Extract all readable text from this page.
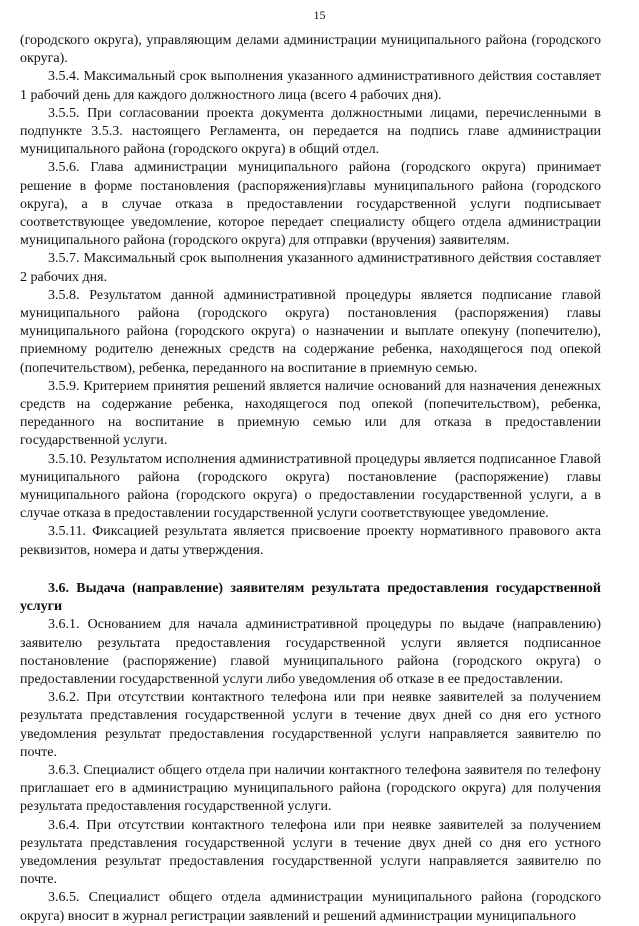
15

(городского округа), управляющим делами администрации муниципального района (городского округа).

3.5.4. Максимальный срок выполнения указанного административного действия составляет 1 рабочий день для каждого должностного лица (всего 4 рабочих дня).

3.5.5. При согласовании проекта документа должностными лицами, перечисленными в подпункте 3.5.3. настоящего Регламента, он передается на подпись главе администрации муниципального района (городского округа) в общий отдел.

3.5.6. Глава администрации муниципального района (городского округа) принимает решение в форме постановления (распоряжения)главы муниципального района (городского округа), а в случае отказа в предоставлении государственной услуги подписывает соответствующее уведомление, которое передает специалисту общего отдела администрации муниципального района (городского округа) для отправки (вручения) заявителям.

3.5.7. Максимальный срок выполнения указанного административного действия составляет 2 рабочих дня.

3.5.8. Результатом данной административной процедуры является подписание главой муниципального района (городского округа) постановления (распоряжения) главы муниципального района (городского округа) о назначении и выплате опекуну (попечителю), приемному родителю денежных средств на содержание ребенка, находящегося под опекой (попечительством), ребенка, переданного на воспитание в приемную семью.

3.5.9. Критерием принятия решений является наличие оснований для назначения денежных средств на содержание ребенка, находящегося под опекой (попечительством), ребенка, переданного на воспитание в приемную семью или для отказа в предоставлении государственной услуги.

3.5.10. Результатом исполнения административной процедуры является подписанное Главой муниципального района (городского округа) постановление (распоряжение) главы муниципального района (городского округа) о предоставлении государственной услуги, а в случае отказа в предоставлении государственной услуги соответствующее уведомление.

3.5.11. Фиксацией результата является присвоение проекту нормативного правового акта реквизитов, номера и даты утверждения.

3.6. Выдача (направление) заявителям результата предоставления государственной услуги

3.6.1. Основанием для начала административной процедуры по выдаче (направлению) заявителю результата предоставления государственной услуги является подписанное постановление (распоряжение) главой муниципального района (городского округа) о предоставлении государственной услуги либо уведомления об отказе в ее предоставлении.

3.6.2. При отсутствии контактного телефона или при неявке заявителей за получением результата представления государственной услуги в течение двух дней со дня его устного уведомления результат предоставления государственной услуги направляется заявителю по почте.

3.6.3. Специалист общего отдела при наличии контактного телефона заявителя по телефону приглашает его в администрацию муниципального района (городского округа) для получения результата предоставления государственной услуги.

3.6.4. При отсутствии контактного телефона или при неявке заявителей за получением результата представления государственной услуги в течение двух дней со дня его устного уведомления результат предоставления государственной услуги направляется заявителю по почте.

3.6.5. Специалист общего отдела администрации муниципального района (городского округа) вносит в журнал регистрации заявлений и решений администрации муниципального
